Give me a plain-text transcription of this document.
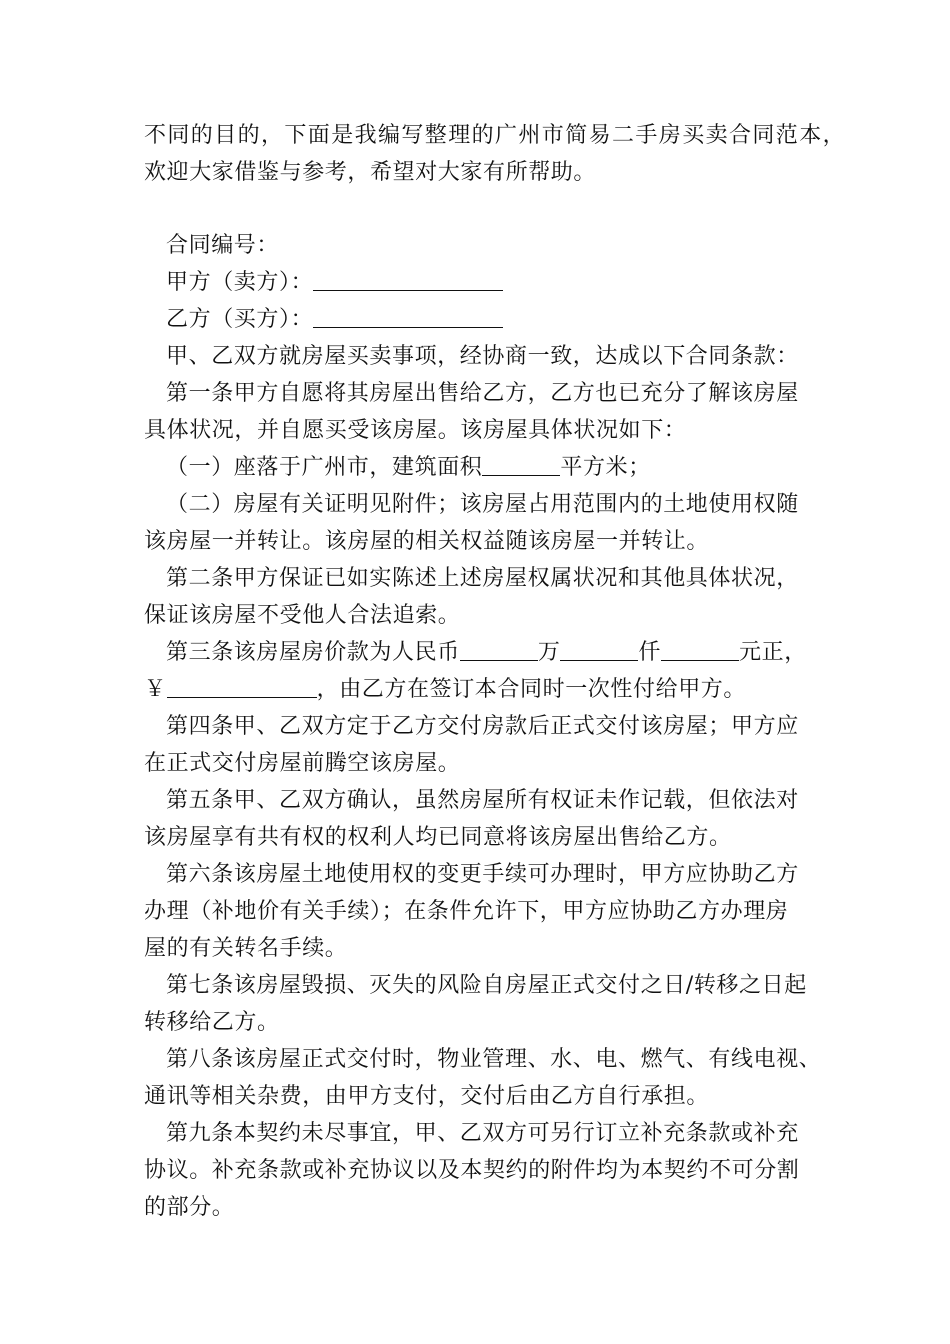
不同的目的，下面是我编写整理的广州市简易二手房买卖合同范本，
欢迎大家借鉴与参考，希望对大家有所帮助。
合同编号：
甲方（卖方）：
乙方（买方）：
甲、乙双方就房屋买卖事项，经协商一致，达成以下合同条款：
第一条甲方自愿将其房屋出售给乙方，乙方也已充分了解该房屋
具体状况，并自愿买受该房屋。该房屋具体状况如下：
（一）座落于广州市，建筑面积	平方米；
（二）房屋有关证明见附件；该房屋占用范围内的土地使用权随
该房屋一并转让。该房屋的相关权益随该房屋一并转让。
第二条甲方保证已如实陈述上述房屋权属状况和其他具体状况，
保证该房屋不受他人合法追索。
第三条该房屋房价款为人民币	万	仟	元正，
￥	，由乙方在签订本合同时一次性付给甲方。
第四条甲、乙双方定于乙方交付房款后正式交付该房屋；甲方应
在正式交付房屋前腾空该房屋。
第五条甲、乙双方确认，虽然房屋所有权证未作记载，但依法对
该房屋享有共有权的权利人均已同意将该房屋出售给乙方。
第六条该房屋土地使用权的变更手续可办理时，甲方应协助乙方
办理（补地价有关手续）；在条件允许下，甲方应协助乙方办理房
屋的有关转名手续。
第七条该房屋毁损、灭失的风险自房屋正式交付之日/转移之日起
转移给乙方。
第八条该房屋正式交付时，物业管理、水、电、燃气、有线电视、
通讯等相关杂费，由甲方支付，交付后由乙方自行承担。
第九条本契约未尽事宜，甲、乙双方可另行订立补充条款或补充
协议。补充条款或补充协议以及本契约的附件均为本契约不可分割
的部分。
